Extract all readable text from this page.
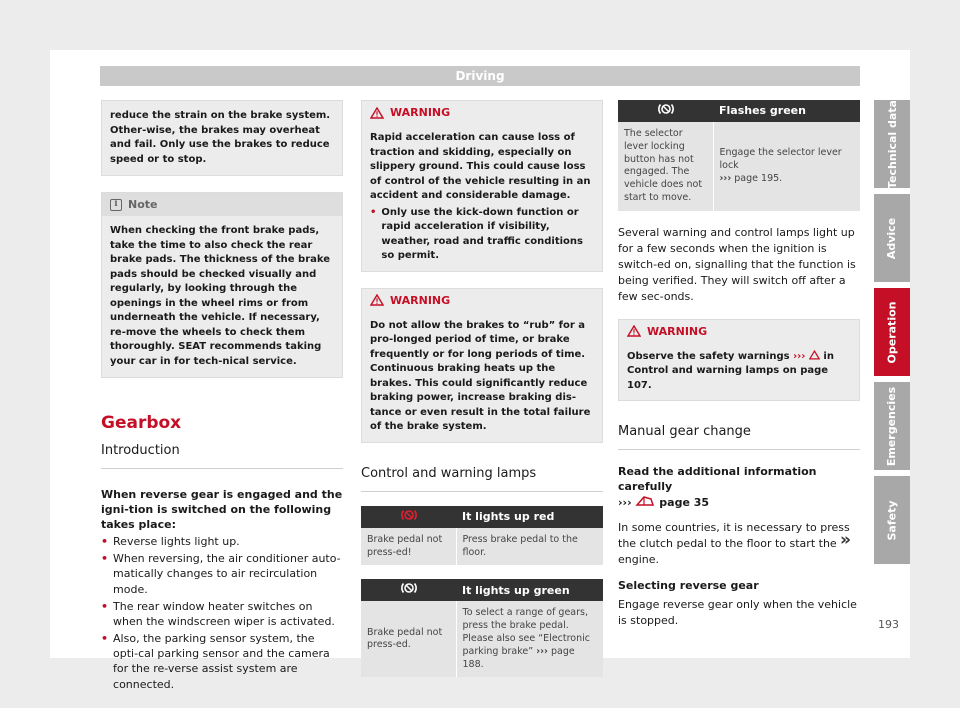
Driving
reduce the strain on the brake system. Other-wise, the brakes may overheat and fail. Only use the brakes to reduce speed or to stop.
i Note
When checking the front brake pads, take the time to also check the rear brake pads. The thickness of the brake pads should be checked visually and regularly, by looking through the openings in the wheel rims or from underneath the vehicle. If necessary, re-move the wheels to check them thoroughly. SEAT recommends taking your car in for tech-nical service.
Gearbox
Introduction
When reverse gear is engaged and the igni-tion is switched on the following takes place:
• Reverse lights light up.
• When reversing, the air conditioner auto-matically changes to air recirculation mode.
• The rear window heater switches on when the windscreen wiper is activated.
• Also, the parking sensor system, the opti-cal parking sensor and the camera for the re-verse assist system are connected.
WARNING
Rapid acceleration can cause loss of traction and skidding, especially on slippery ground. This could cause loss of control of the vehicle resulting in an accident and considerable damage.
• Only use the kick-down function or rapid acceleration if visibility, weather, road and traffic conditions so permit.
WARNING
Do not allow the brakes to “rub” for a pro-longed period of time, or brake frequently or for long periods of time. Continuous braking heats up the brakes. This could significantly reduce braking power, increase braking dis-tance or even result in the total failure of the brake system.
Control and warning lamps
	It lights up red
Brake pedal not press-ed!	Press brake pedal to the floor.
	It lights up green
Brake pedal not press-ed.	To select a range of gears, press the brake pedal. Please also see “Electronic parking brake” ››› page 188.
	Flashes green
The selector lever locking button has not engaged. The vehicle does not start to move.	Engage the selector lever lock
››› page 195.
Several warning and control lamps light up for a few seconds when the ignition is switch-ed on, signalling that the function is being verified. They will switch off after a few sec-onds.
WARNING
Observe the safety warnings ››› in Control and warning lamps on page 107.
Manual gear change
Read the additional information carefully
›››	page 35
In some countries, it is necessary to press the clutch pedal to the floor to start the engine.
Selecting reverse gear
Engage reverse gear only when the vehicle is stopped.
»
Technical data
Advice
Operation
Emergencies
Safety
193
